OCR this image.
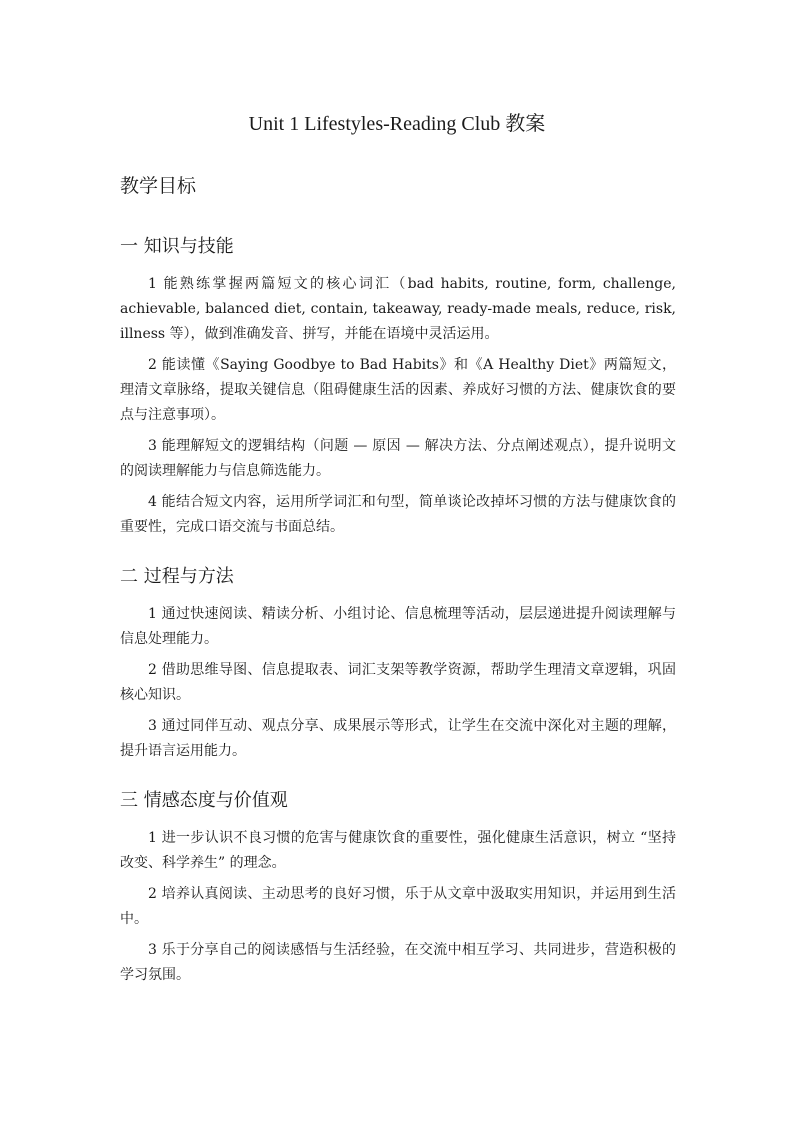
Unit 1 Lifestyles-Reading Club 教案
教学目标
一 知识与技能

1 能熟练掌握两篇短文的核心词汇（bad habits, routine, form, challenge, achievable, balanced diet, contain, takeaway, ready-made meals, reduce, risk, illness 等），做到准确发音、拼写，并能在语境中灵活运用。

2 能读懂《Saying Goodbye to Bad Habits》和《A Healthy Diet》两篇短文，理清文章脉络，提取关键信息（阻碍健康生活的因素、养成好习惯的方法、健康饮食的要点与注意事项）。

3 能理解短文的逻辑结构（问题 — 原因 — 解决方法、分点阐述观点），提升说明文的阅读理解能力与信息筛选能力。

4 能结合短文内容，运用所学词汇和句型，简单谈论改掉坏习惯的方法与健康饮食的重要性，完成口语交流与书面总结。

二 过程与方法

1 通过快速阅读、精读分析、小组讨论、信息梳理等活动，层层递进提升阅读理解与信息处理能力。

2 借助思维导图、信息提取表、词汇支架等教学资源，帮助学生理清文章逻辑，巩固核心知识。

3 通过同伴互动、观点分享、成果展示等形式，让学生在交流中深化对主题的理解，提升语言运用能力。

三 情感态度与价值观

1 进一步认识不良习惯的危害与健康饮食的重要性，强化健康生活意识，树立 “坚持改变、科学养生” 的理念。

2 培养认真阅读、主动思考的良好习惯，乐于从文章中汲取实用知识，并运用到生活中。

3 乐于分享自己的阅读感悟与生活经验，在交流中相互学习、共同进步，营造积极的学习氛围。
